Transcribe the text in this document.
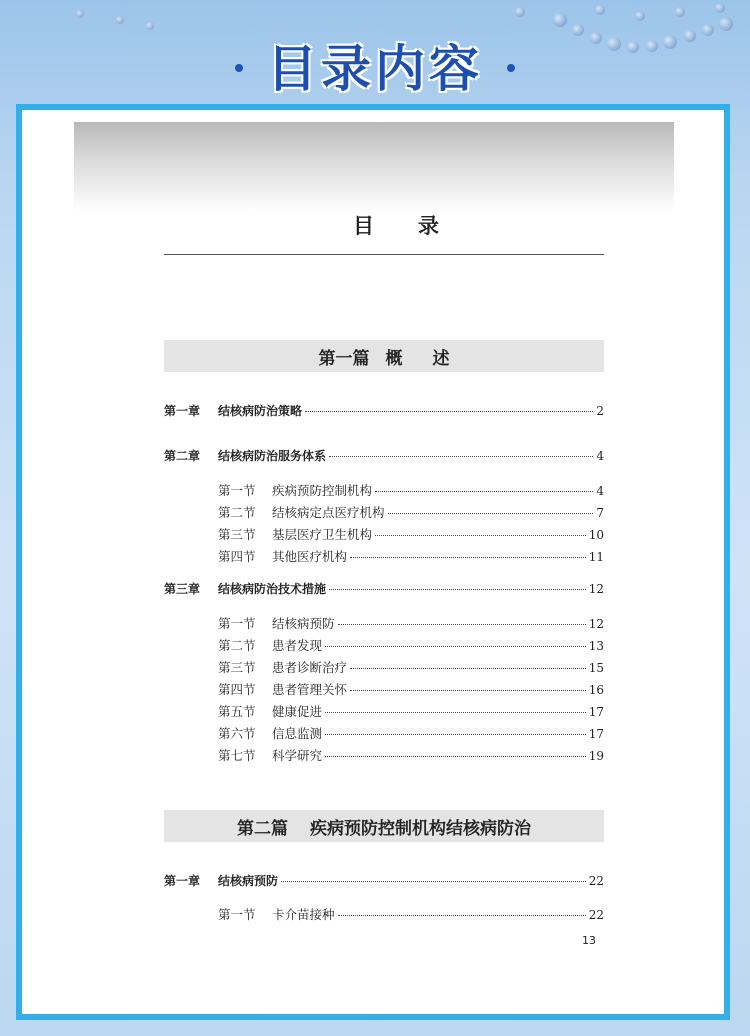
目录内容
目录
第一篇 概述
第一章	结核病防治策略	2
第二章	结核病防治服务体系	4
第一节	疾病预防控制机构	4
第二节	结核病定点医疗机构	7
第三节	基层医疗卫生机构	10
第四节	其他医疗机构	11
第三章	结核病防治技术措施	12
第一节	结核病预防	12
第二节	患者发现	13
第三节	患者诊断治疗	15
第四节	患者管理关怀	16
第五节	健康促进	17
第六节	信息监测	17
第七节	科学研究	19
第二篇 疾病预防控制机构结核病防治
第一章	结核病预防	22
第一节	卡介苗接种	22
13
